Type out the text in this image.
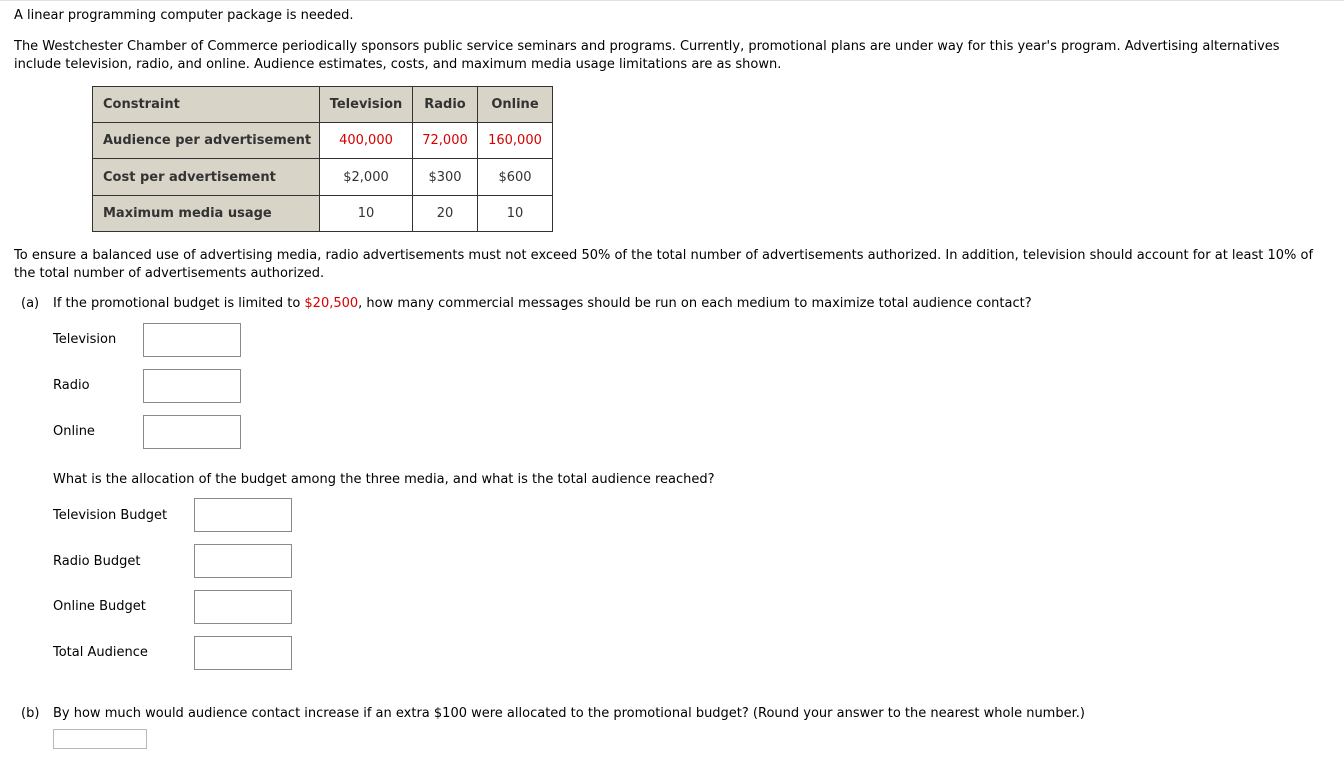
A linear programming computer package is needed.
The Westchester Chamber of Commerce periodically sponsors public service seminars and programs. Currently, promotional plans are under way for this year's program. Advertising alternatives
include television, radio, and online. Audience estimates, costs, and maximum media usage limitations are as shown.
Constraint	Television	Radio	Online
Audience per advertisement	400,000	72,000	160,000
Cost per advertisement	$2,000	$300	$600
Maximum media usage	10	20	10
To ensure a balanced use of advertising media, radio advertisements must not exceed 50% of the total number of advertisements authorized. In addition, television should account for at least 10% of
the total number of advertisements authorized.
(a) If the promotional budget is limited to $20,500, how many commercial messages should be run on each medium to maximize total audience contact?
Television
Radio
Online
What is the allocation of the budget among the three media, and what is the total audience reached?
Television Budget
Radio Budget
Online Budget
Total Audience
(b) By how much would audience contact increase if an extra $100 were allocated to the promotional budget? (Round your answer to the nearest whole number.)
